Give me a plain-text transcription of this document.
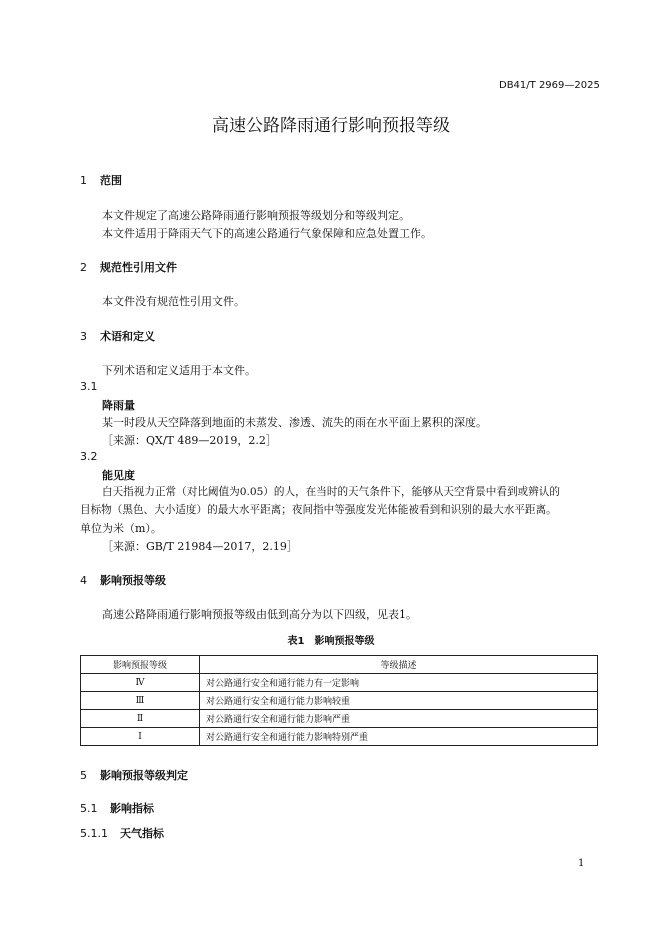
DB41/T 2969—2025
高速公路降雨通行影响预报等级
1 范围
本文件规定了高速公路降雨通行影响预报等级划分和等级判定。
本文件适用于降雨天气下的高速公路通行气象保障和应急处置工作。
2 规范性引用文件
本文件没有规范性引用文件。
3 术语和定义
下列术语和定义适用于本文件。
3.1
降雨量
某一时段从天空降落到地面的未蒸发、渗透、流失的雨在水平面上累积的深度。
［来源：QX/T 489—2019，2.2］
3.2
能见度
白天指视力正常（对比阈值为0.05）的人，在当时的天气条件下，能够从天空背景中看到或辨认的
目标物（黑色、大小适度）的最大水平距离；夜间指中等强度发光体能被看到和识别的最大水平距离。
单位为米（m）。
［来源：GB/T 21984—2017，2.19］
4 影响预报等级
高速公路降雨通行影响预报等级由低到高分为以下四级，见表1。
表1　影响预报等级
影响预报等级	等级描述
Ⅳ	对公路通行安全和通行能力有一定影响
Ⅲ	对公路通行安全和通行能力影响较重
Ⅱ	对公路通行安全和通行能力影响严重
Ⅰ	对公路通行安全和通行能力影响特别严重
5 影响预报等级判定
5.1 影响指标
5.1.1 天气指标
1
